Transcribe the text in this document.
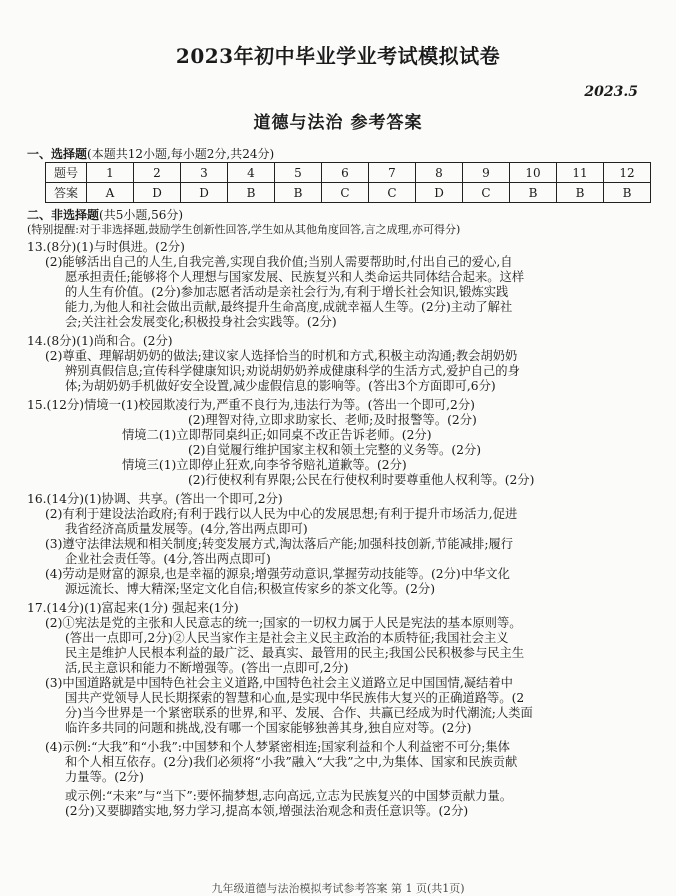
2023年初中毕业学业考试模拟试卷
2023.5
道德与法治 参考答案
一、选择题(本题共12小题,每小题2分,共24分)
题号	1	2	3	4	5	6	7	8	9	10	11	12
答案	A	D	D	B	B	C	C	D	C	B	B	B
二、非选择题(共5小题,56分)
(特别提醒:对于非选择题,鼓励学生创新性回答,学生如从其他角度回答,言之成理,亦可得分)
13.(8分)(1)与时俱进。(2分)
(2)能够活出自己的人生,自我完善,实现自我价值;当别人需要帮助时,付出自己的爱心,自
愿承担责任;能够将个人理想与国家发展、民族复兴和人类命运共同体结合起来。这样
的人生有价值。(2分)参加志愿者活动是亲社会行为,有利于增长社会知识,锻炼实践
能力,为他人和社会做出贡献,最终提升生命高度,成就幸福人生等。(2分)主动了解社
会;关注社会发展变化;积极投身社会实践等。(2分)
14.(8分)(1)尚和合。(2分)
(2)尊重、理解胡奶奶的做法;建议家人选择恰当的时机和方式,积极主动沟通;教会胡奶奶
辨别真假信息;宣传科学健康知识;劝说胡奶奶养成健康科学的生活方式,爱护自己的身
体;为胡奶奶手机做好安全设置,减少虚假信息的影响等。(答出3个方面即可,6分)
15.(12分)情境一(1)校园欺凌行为,严重不良行为,违法行为等。(答出一个即可,2分)
(2)理智对待,立即求助家长、老师;及时报警等。(2分)
情境二(1)立即帮同桌纠正;如同桌不改正告诉老师。(2分)
(2)自觉履行维护国家主权和领土完整的义务等。(2分)
情境三(1)立即停止狂欢,向李爷爷赔礼道歉等。(2分)
(2)行使权利有界限;公民在行使权利时要尊重他人权利等。(2分)
16.(14分)(1)协调、共享。(答出一个即可,2分)
(2)有利于建设法治政府;有利于践行以人民为中心的发展思想;有利于提升市场活力,促进
我省经济高质量发展等。(4分,答出两点即可)
(3)遵守法律法规和相关制度;转变发展方式,淘汰落后产能;加强科技创新,节能减排;履行
企业社会责任等。(4分,答出两点即可)
(4)劳动是财富的源泉,也是幸福的源泉;增强劳动意识,掌握劳动技能等。(2分)中华文化
源远流长、博大精深;坚定文化自信;积极宣传家乡的茶文化等。(2分)
17.(14分)(1)富起来(1分) 强起来(1分)
(2)①宪法是党的主张和人民意志的统一;国家的一切权力属于人民是宪法的基本原则等。
(答出一点即可,2分)②人民当家作主是社会主义民主政治的本质特征;我国社会主义
民主是维护人民根本利益的最广泛、最真实、最管用的民主;我国公民积极参与民主生
活,民主意识和能力不断增强等。(答出一点即可,2分)
(3)中国道路就是中国特色社会主义道路,中国特色社会主义道路立足中国国情,凝结着中
国共产党领导人民长期探索的智慧和心血,是实现中华民族伟大复兴的正确道路等。(2
分)当今世界是一个紧密联系的世界,和平、发展、合作、共赢已经成为时代潮流;人类面
临许多共同的问题和挑战,没有哪一个国家能够独善其身,独自应对等。(2分)
(4)示例:“大我”和“小我”:中国梦和个人梦紧密相连;国家利益和个人利益密不可分;集体
和个人相互依存。(2分)我们必须将“小我”融入“大我”之中,为集体、国家和民族贡献
力量等。(2分)
或示例:“未来”与“当下”:要怀揣梦想,志向高远,立志为民族复兴的中国梦贡献力量。
(2分)又要脚踏实地,努力学习,提高本领,增强法治观念和责任意识等。(2分)
九年级道德与法治模拟考试参考答案 第 1 页(共1页)
